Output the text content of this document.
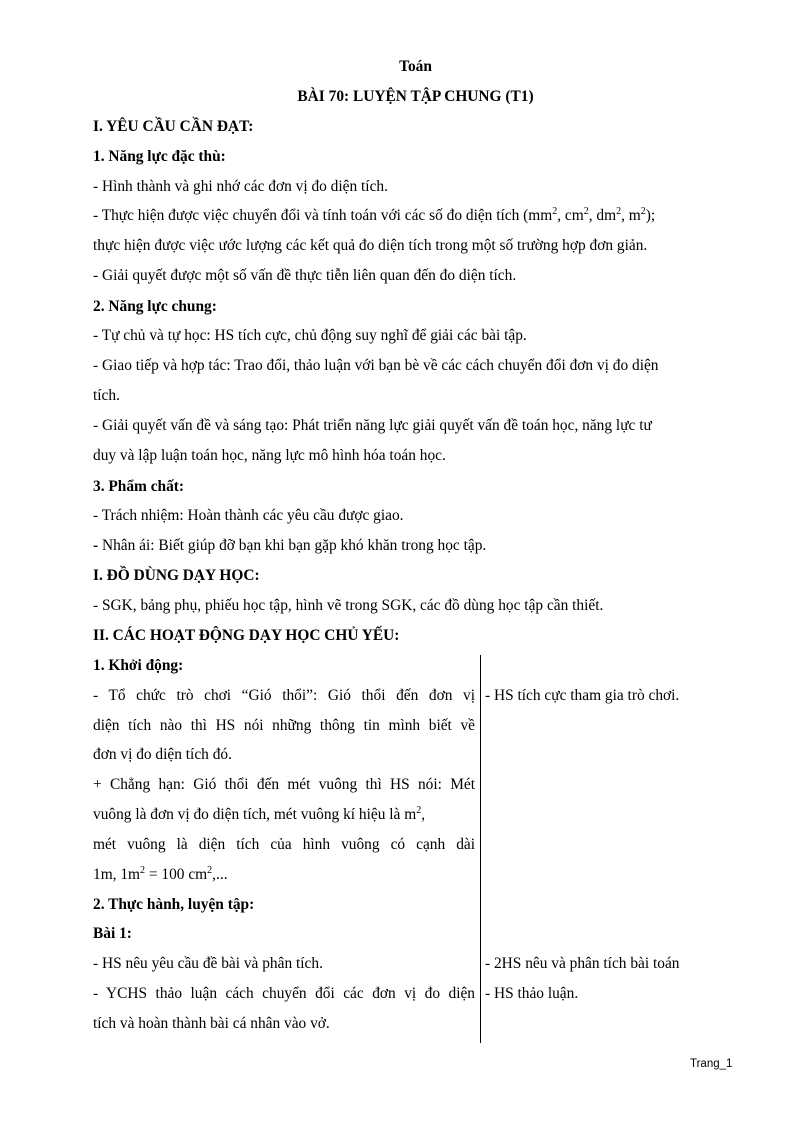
Toán
BÀI 70: LUYỆN TẬP CHUNG (T1)
I. YÊU CẦU CẦN ĐẠT:
1. Năng lực đặc thù:
- Hình thành và ghi nhớ các đơn vị đo diện tích.
- Thực hiện được việc chuyển đổi và tính toán với các số đo diện tích ($mm^2$, $cm^2$, $dm^2$, $m^2$);
thực hiện được việc ước lượng các kết quả đo diện tích trong một số trường hợp đơn giản.
- Giải quyết được một số vấn đề thực tiễn liên quan đến đo diện tích.
2. Năng lực chung:
- Tự chủ và tự học: HS tích cực, chủ động suy nghĩ để giải các bài tập.
- Giao tiếp và hợp tác: Trao đổi, thảo luận với bạn bè về các cách chuyển đổi đơn vị đo diện
tích.
- Giải quyết vấn đề và sáng tạo: Phát triển năng lực giải quyết vấn đề toán học, năng lực tư
duy và lập luận toán học, năng lực mô hình hóa toán học.
3. Phẩm chất:
- Trách nhiệm: Hoàn thành các yêu cầu được giao.
- Nhân ái: Biết giúp đỡ bạn khi bạn gặp khó khăn trong học tập.
I. ĐỒ DÙNG DẠY HỌC:
- SGK, bảng phụ, phiếu học tập, hình vẽ trong SGK, các đồ dùng học tập cần thiết.
II. CÁC HOẠT ĐỘNG DẠY HỌC CHỦ YẾU:
1. Khởi động:
- Tổ chức trò chơi “Gió thổi”: Gió thổi đến đơn vị - HS tích cực tham gia trò chơi.
diện tích nào thì HS nói những thông tin mình biết về
đơn vị đo diện tích đó.
+ Chẳng hạn: Gió thổi đến mét vuông thì HS nói: Mét
vuông là đơn vị đo diện tích, mét vuông kí hiệu là $m^2$,
mét vuông là diện tích của hình vuông có cạnh dài
1m, $1m^2 = 100$ $cm^2$,...
2. Thực hành, luyện tập:
Bài 1:
- HS nêu yêu cầu đề bài và phân tích.	- 2HS nêu và phân tích bài toán
- YCHS thảo luận cách chuyển đổi các đơn vị đo diện - HS thảo luận.
tích và hoàn thành bài cá nhân vào vở.
Trang_1
